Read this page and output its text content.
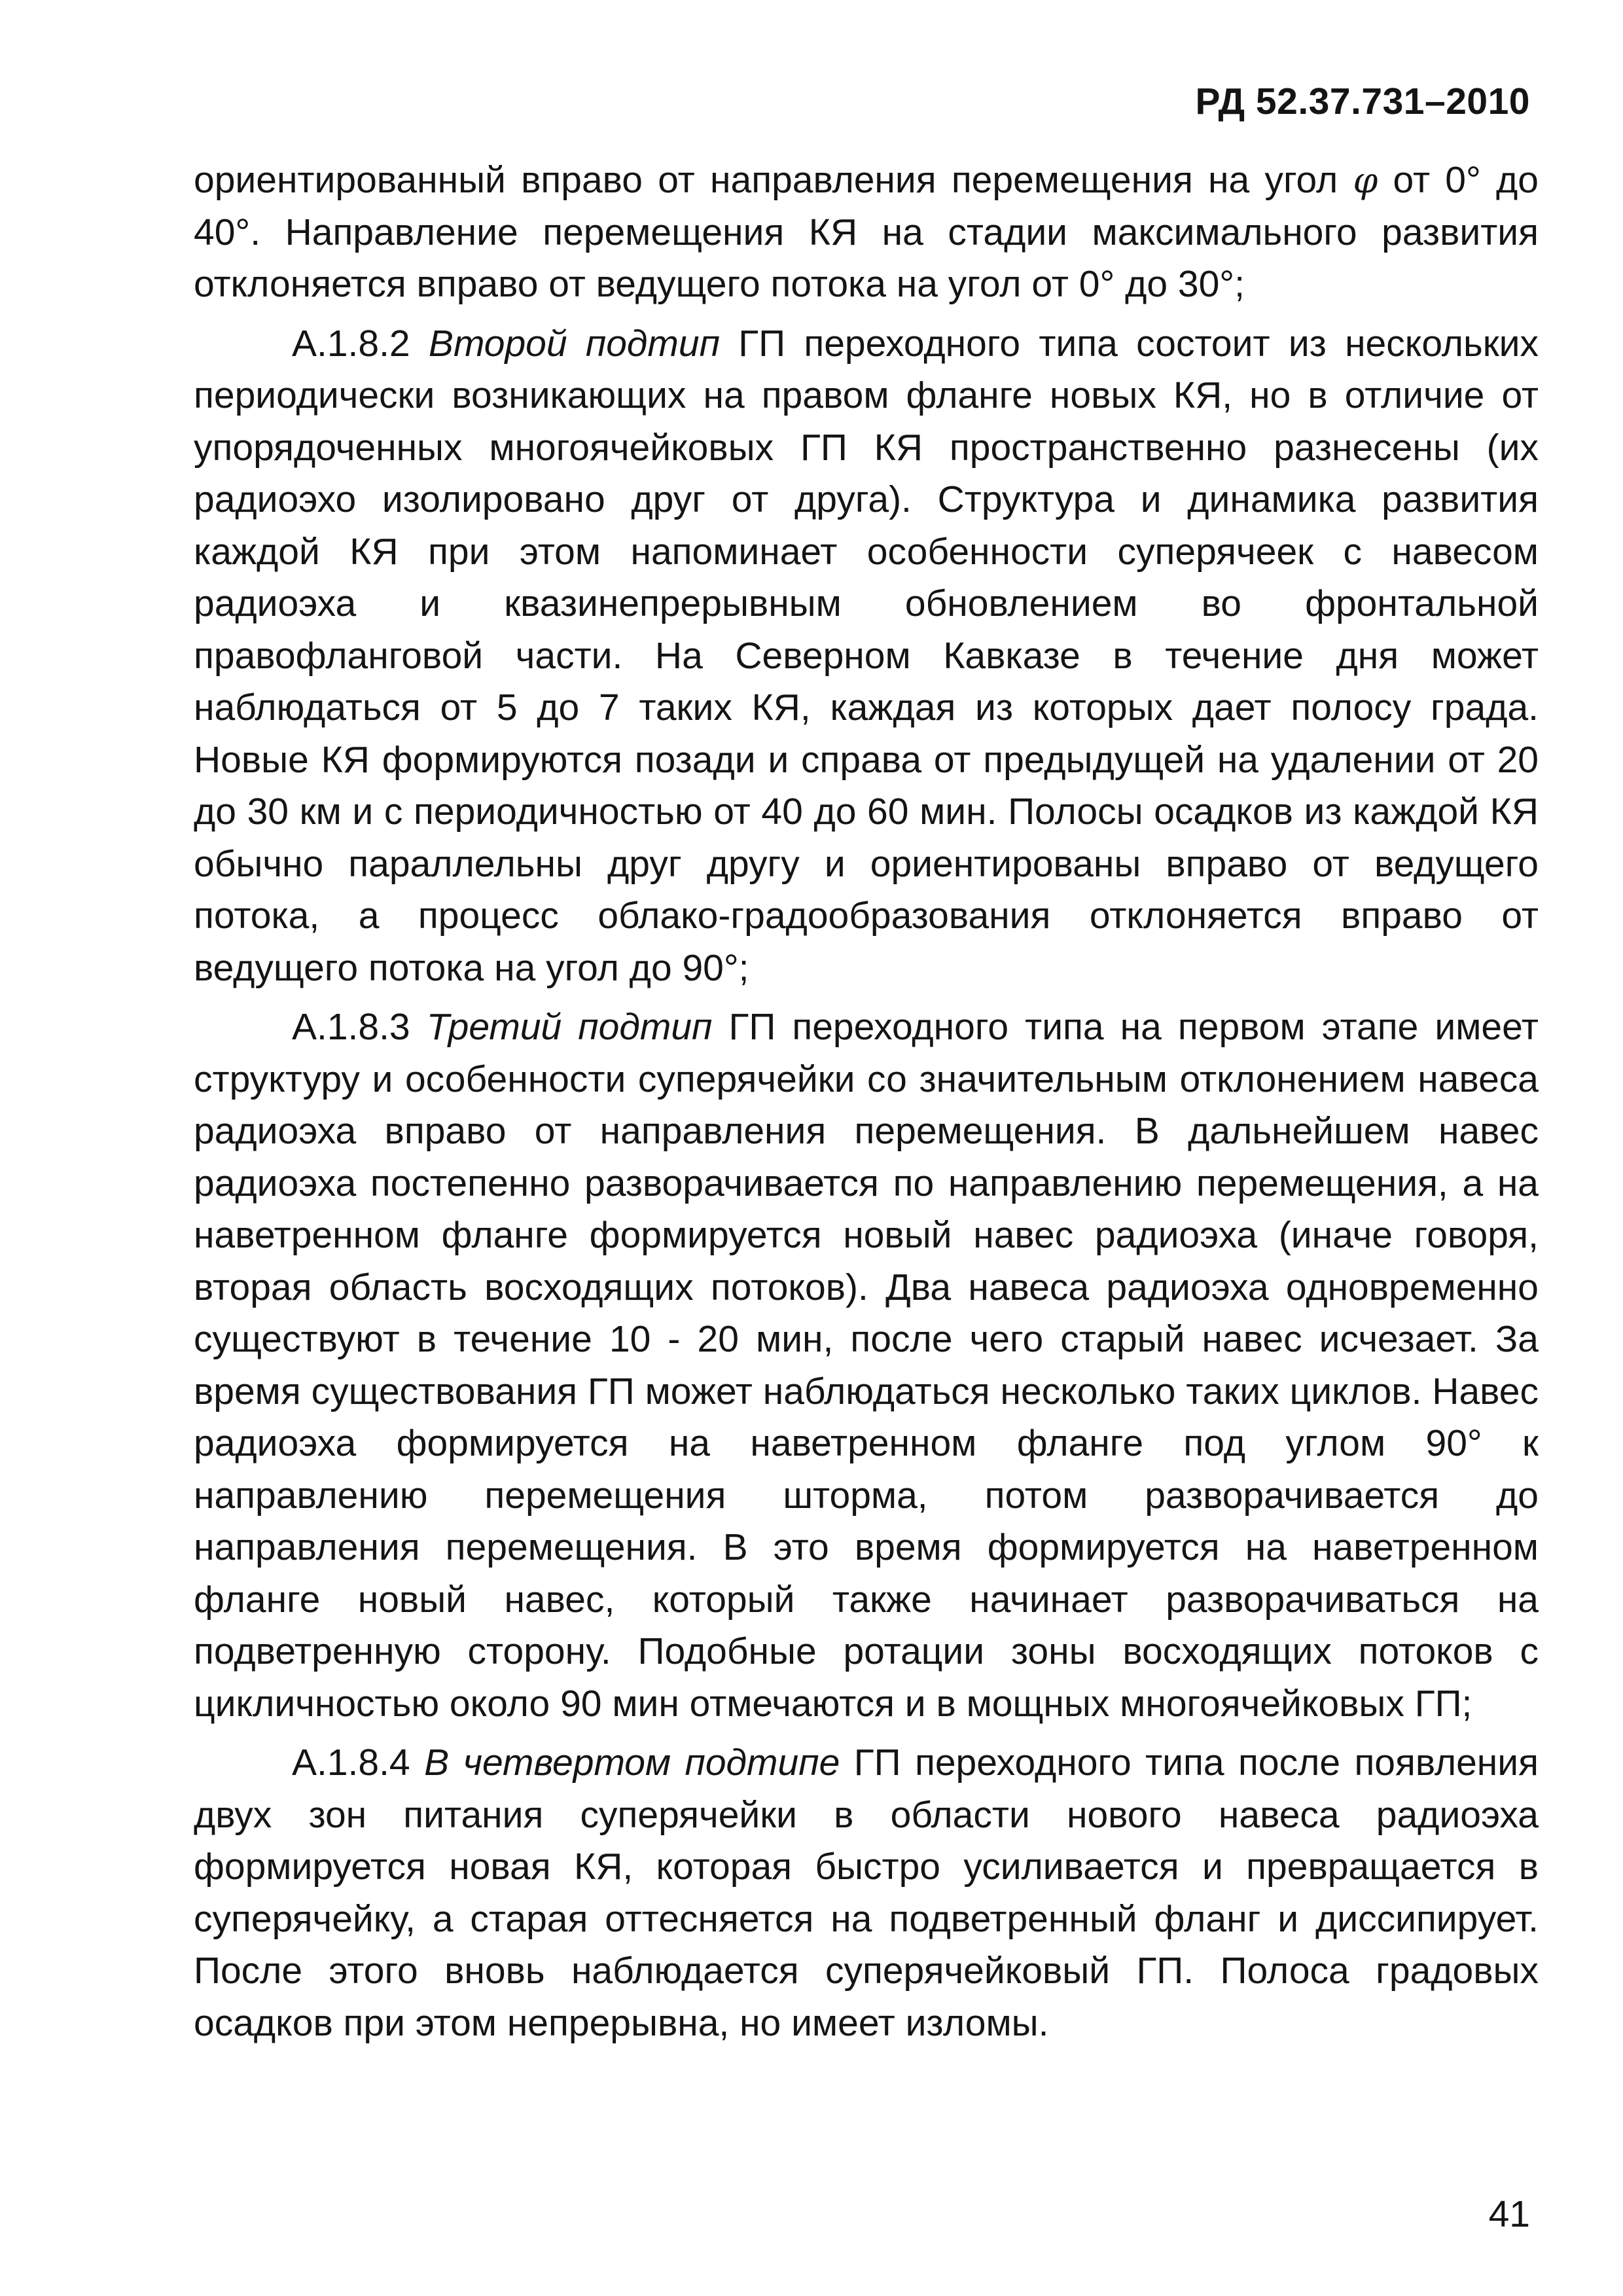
РД 52.37.731–2010

ориентированный вправо от направления перемещения на угол φ от 0° до 40°. Направление перемещения КЯ на стадии максимального развития отклоняется вправо от ведущего потока на угол от 0° до 30°;

А.1.8.2 Второй подтип ГП переходного типа состоит из нескольких периодически возникающих на правом фланге новых КЯ, но в отличие от упорядоченных многоячейковых ГП КЯ пространственно разнесены (их радиоэхо изолировано друг от друга). Структура и динамика развития каждой КЯ при этом напоминает особенности суперячеек с навесом радиоэха и квазинепрерывным обновлением во фронтальной правофланговой части. На Северном Кавказе в течение дня может наблюдаться от 5 до 7 таких КЯ, каждая из которых дает полосу града. Новые КЯ формируются позади и справа от предыдущей на удалении от 20 до 30 км и с периодичностью от 40 до 60 мин. Полосы осадков из каждой КЯ обычно параллельны друг другу и ориентированы вправо от ведущего потока, а процесс облако-градообразования отклоняется вправо от ведущего потока на угол до 90°;

А.1.8.3 Третий подтип ГП переходного типа на первом этапе имеет структуру и особенности суперячейки со значительным отклонением навеса радиоэха вправо от направления перемещения. В дальнейшем навес радиоэха постепенно разворачивается по направлению перемещения, а на наветренном фланге формируется новый навес радиоэха (иначе говоря, вторая область восходящих потоков). Два навеса радиоэха одновременно существуют в течение 10 - 20 мин, после чего старый навес исчезает. За время существования ГП может наблюдаться несколько таких циклов. Навес радиоэха формируется на наветренном фланге под углом 90° к направлению перемещения шторма, потом разворачивается до направления перемещения. В это время формируется на наветренном фланге новый навес, который также начинает разворачиваться на подветренную сторону. Подобные ротации зоны восходящих потоков с цикличностью около 90 мин отмечаются и в мощных многоячейковых ГП;

А.1.8.4 В четвертом подтипе ГП переходного типа после появления двух зон питания суперячейки в области нового навеса радиоэха формируется новая КЯ, которая быстро усиливается и превращается в суперячейку, а старая оттесняется на подветренный фланг и диссипирует. После этого вновь наблюдается суперячейковый ГП. Полоса градовых осадков при этом непрерывна, но имеет изломы.

41
